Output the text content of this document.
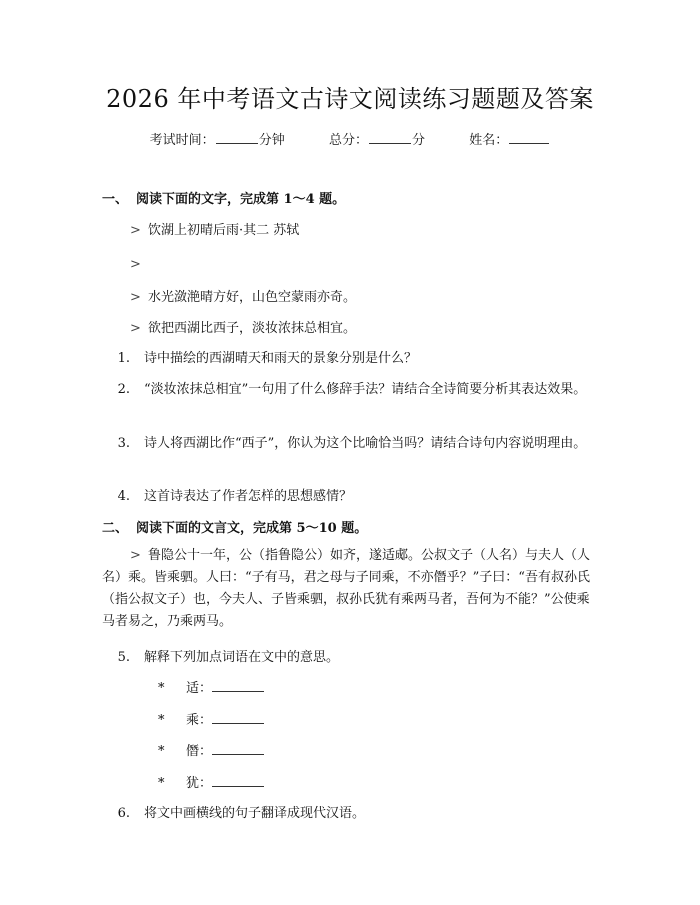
2026 年中考语文古诗文阅读练习题题及答案
考试时间：	分钟	总分：	分	姓名：
一、 阅读下面的文字，完成第 1～4 题。
> 饮湖上初晴后雨·其二 苏轼
>
> 水光潋滟晴方好，山色空蒙雨亦奇。
> 欲把西湖比西子，淡妆浓抹总相宜。
1. 诗中描绘的西湖晴天和雨天的景象分别是什么？
2. “淡妆浓抹总相宜”一句用了什么修辞手法？请结合全诗简要分析其表达效果。
3. 诗人将西湖比作“西子”，你认为这个比喻恰当吗？请结合诗句内容说明理由。
4. 这首诗表达了作者怎样的思想感情？
二、 阅读下面的文言文，完成第 5～10 题。
> 鲁隐公十一年，公（指鲁隐公）如齐，遂适郕。公叔文子（人名）与夫人（人名）乘。皆乘驷。人曰：“子有马，君之母与子同乘，不亦僭乎？”子曰：“吾有叔孙氏（指公叔文子）也，今夫人、子皆乘驷，叔孙氏犹有乘两马者，吾何为不能？”公使乘马者易之，乃乘两马。
5. 解释下列加点词语在文中的意思。
* 适：
* 乘：
* 僭：
* 犹：
6. 将文中画横线的句子翻译成现代汉语。
